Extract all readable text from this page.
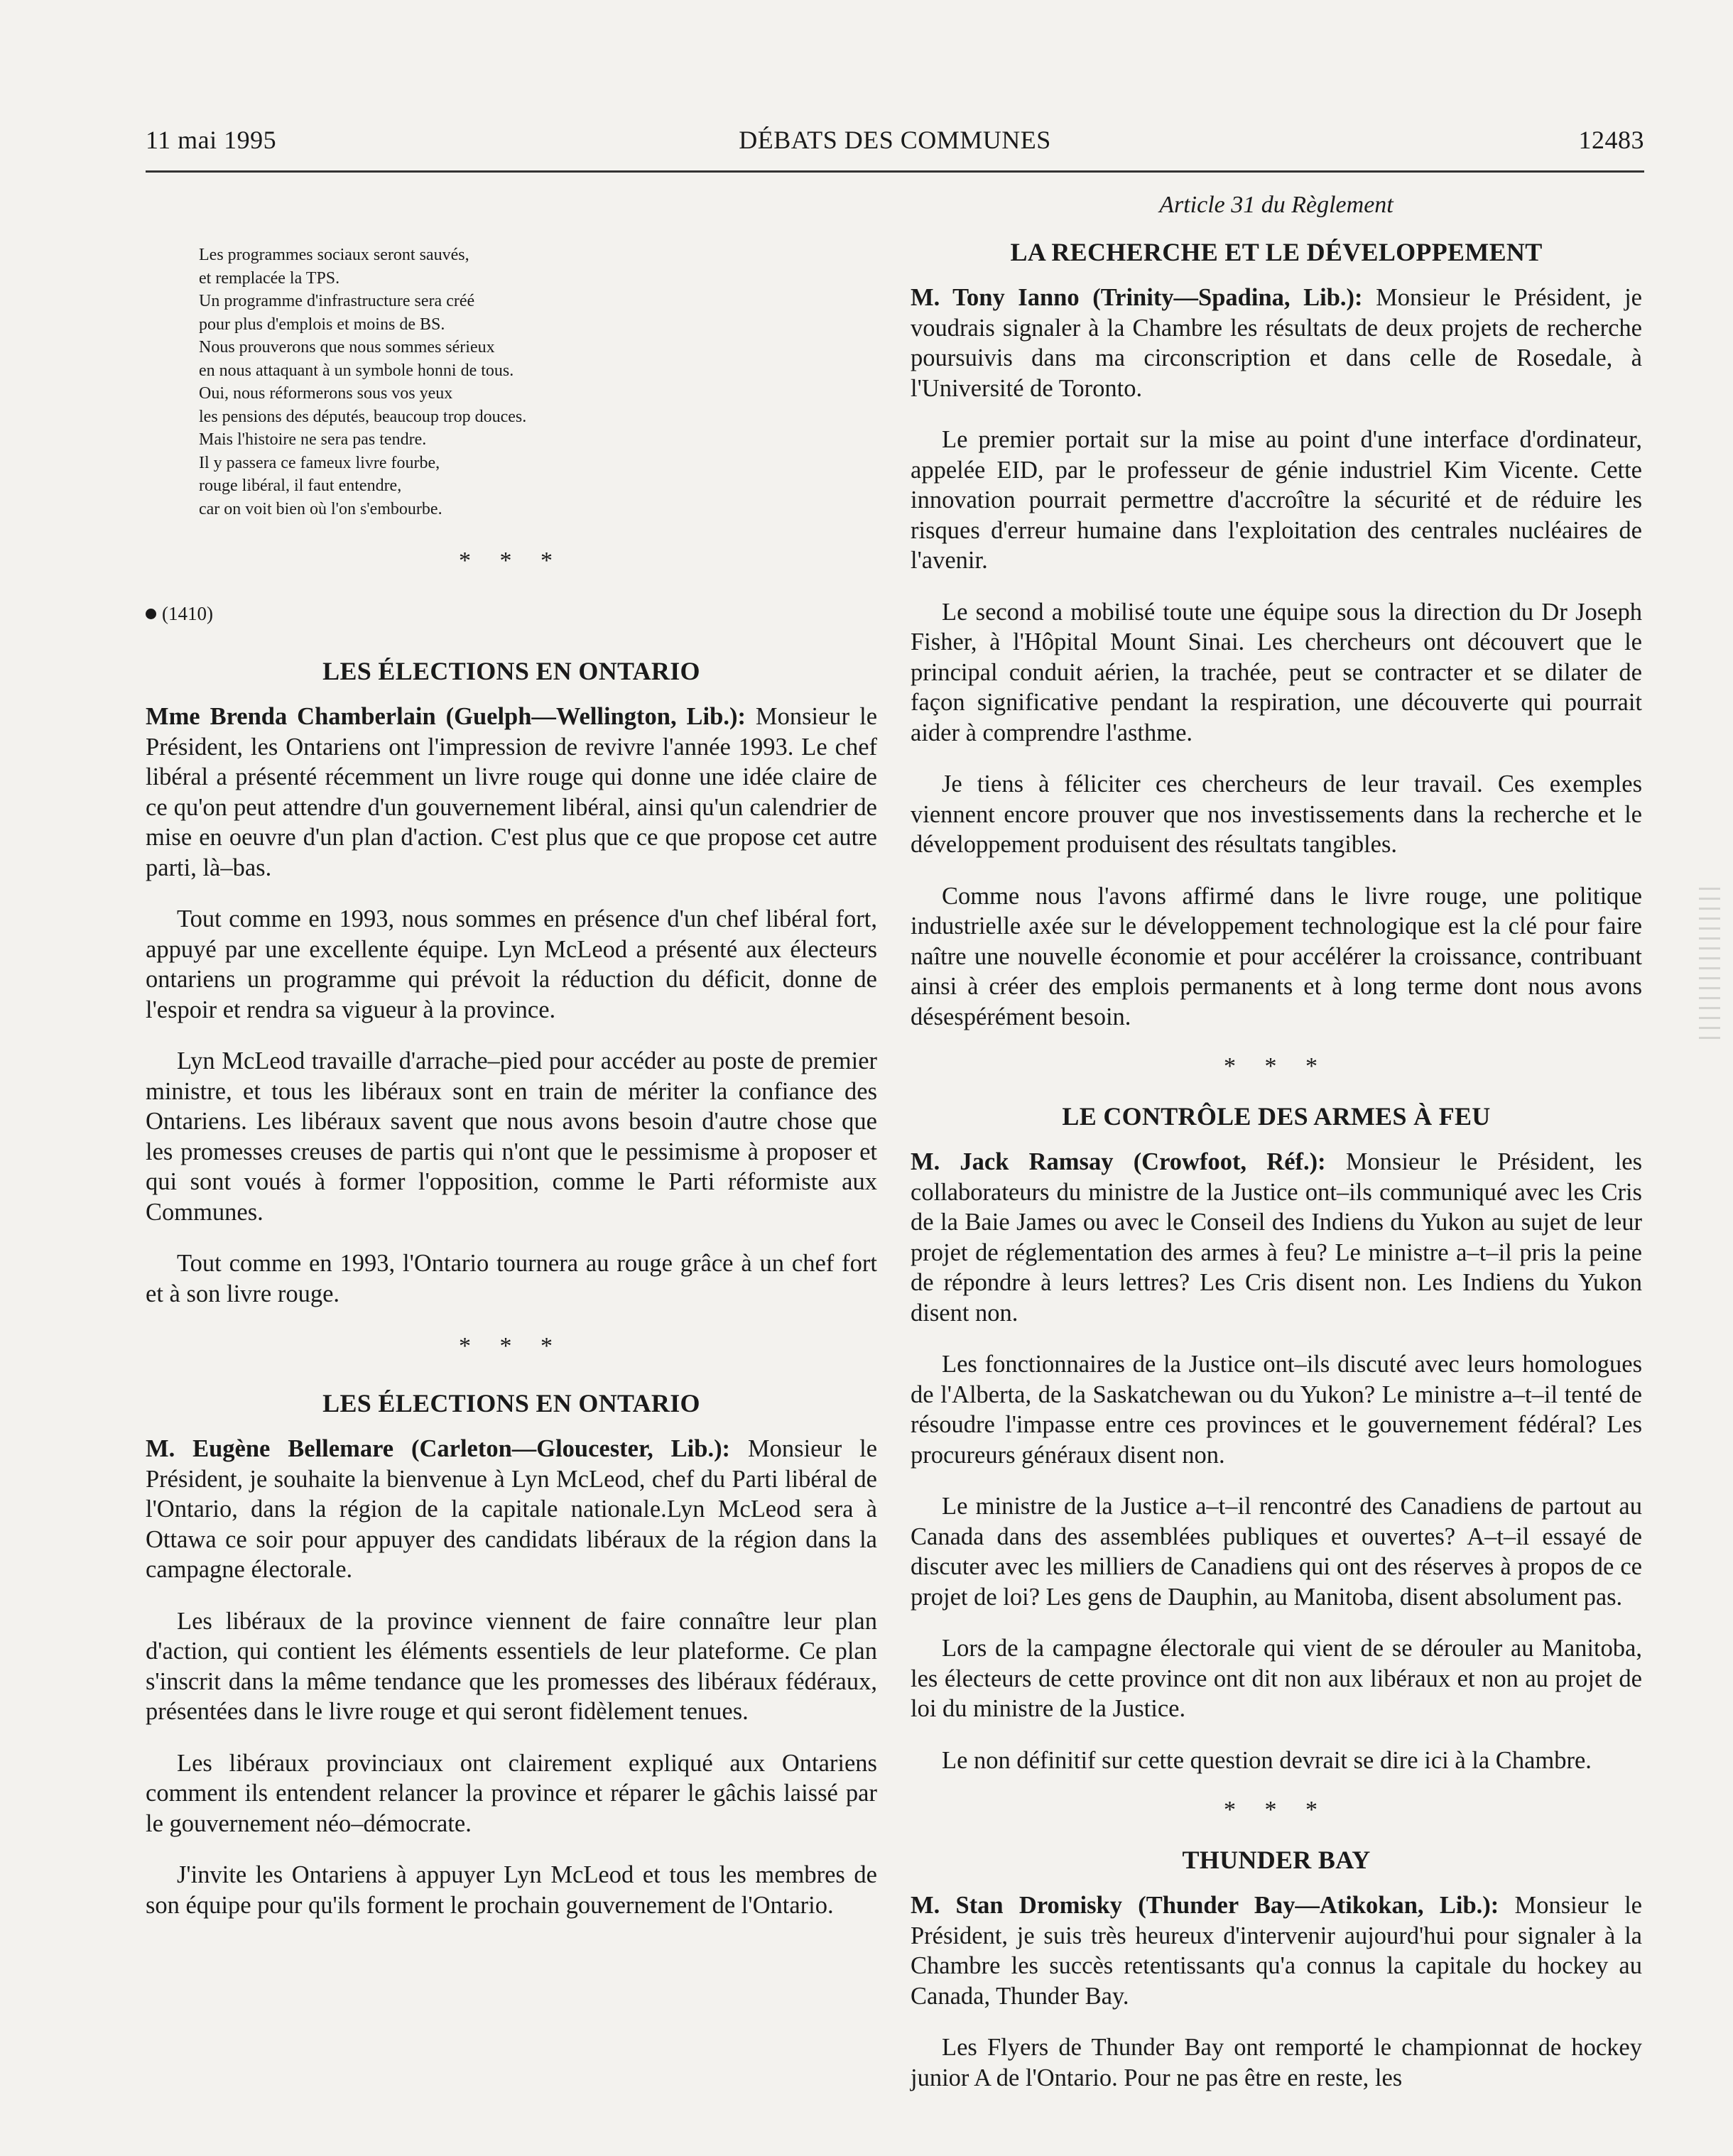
11 mai 1995	DÉBATS DES COMMUNES	12483
Les programmes sociaux seront sauvés,
et remplacée la TPS.
Un programme d'infrastructure sera créé
pour plus d'emplois et moins de BS.
Nous prouverons que nous sommes sérieux
en nous attaquant à un symbole honni de tous.
Oui, nous réformerons sous vos yeux
les pensions des députés, beaucoup trop douces.
Mais l'histoire ne sera pas tendre.
Il y passera ce fameux livre fourbe,
rouge libéral, il faut entendre,
car on voit bien où l'on s'embourbe.

* * *

(1410)

LES ÉLECTIONS EN ONTARIO

Mme Brenda Chamberlain (Guelph—Wellington, Lib.): Monsieur le Président, les Ontariens ont l'impression de revivre l'année 1993. Le chef libéral a présenté récemment un livre rouge qui donne une idée claire de ce qu'on peut attendre d'un gouvernement libéral, ainsi qu'un calendrier de mise en oeuvre d'un plan d'action. C'est plus que ce que propose cet autre parti, là–bas.

Tout comme en 1993, nous sommes en présence d'un chef libéral fort, appuyé par une excellente équipe. Lyn McLeod a présenté aux électeurs ontariens un programme qui prévoit la réduction du déficit, donne de l'espoir et rendra sa vigueur à la province.

Lyn McLeod travaille d'arrache–pied pour accéder au poste de premier ministre, et tous les libéraux sont en train de mériter la confiance des Ontariens. Les libéraux savent que nous avons besoin d'autre chose que les promesses creuses de partis qui n'ont que le pessimisme à proposer et qui sont voués à former l'opposition, comme le Parti réformiste aux Communes.

Tout comme en 1993, l'Ontario tournera au rouge grâce à un chef fort et à son livre rouge.

* * *

LES ÉLECTIONS EN ONTARIO

M. Eugène Bellemare (Carleton—Gloucester, Lib.): Monsieur le Président, je souhaite la bienvenue à Lyn McLeod, chef du Parti libéral de l'Ontario, dans la région de la capitale nationale.Lyn McLeod sera à Ottawa ce soir pour appuyer des candidats libéraux de la région dans la campagne électorale.

Les libéraux de la province viennent de faire connaître leur plan d'action, qui contient les éléments essentiels de leur plateforme. Ce plan s'inscrit dans la même tendance que les promesses des libéraux fédéraux, présentées dans le livre rouge et qui seront fidèlement tenues.

Les libéraux provinciaux ont clairement expliqué aux Ontariens comment ils entendent relancer la province et réparer le gâchis laissé par le gouvernement néo–démocrate.

J'invite les Ontariens à appuyer Lyn McLeod et tous les membres de son équipe pour qu'ils forment le prochain gouvernement de l'Ontario.

Article 31 du Règlement

LA RECHERCHE ET LE DÉVELOPPEMENT

M. Tony Ianno (Trinity—Spadina, Lib.): Monsieur le Président, je voudrais signaler à la Chambre les résultats de deux projets de recherche poursuivis dans ma circonscription et dans celle de Rosedale, à l'Université de Toronto.

Le premier portait sur la mise au point d'une interface d'ordinateur, appelée EID, par le professeur de génie industriel Kim Vicente. Cette innovation pourrait permettre d'accroître la sécurité et de réduire les risques d'erreur humaine dans l'exploitation des centrales nucléaires de l'avenir.

Le second a mobilisé toute une équipe sous la direction du Dr Joseph Fisher, à l'Hôpital Mount Sinai. Les chercheurs ont découvert que le principal conduit aérien, la trachée, peut se contracter et se dilater de façon significative pendant la respiration, une découverte qui pourrait aider à comprendre l'asthme.

Je tiens à féliciter ces chercheurs de leur travail. Ces exemples viennent encore prouver que nos investissements dans la recherche et le développement produisent des résultats tangibles.

Comme nous l'avons affirmé dans le livre rouge, une politique industrielle axée sur le développement technologique est la clé pour faire naître une nouvelle économie et pour accélérer la croissance, contribuant ainsi à créer des emplois permanents et à long terme dont nous avons désespérément besoin.

* * *

LE CONTRÔLE DES ARMES À FEU

M. Jack Ramsay (Crowfoot, Réf.): Monsieur le Président, les collaborateurs du ministre de la Justice ont–ils communiqué avec les Cris de la Baie James ou avec le Conseil des Indiens du Yukon au sujet de leur projet de réglementation des armes à feu? Le ministre a–t–il pris la peine de répondre à leurs lettres? Les Cris disent non. Les Indiens du Yukon disent non.

Les fonctionnaires de la Justice ont–ils discuté avec leurs homologues de l'Alberta, de la Saskatchewan ou du Yukon? Le ministre a–t–il tenté de résoudre l'impasse entre ces provinces et le gouvernement fédéral? Les procureurs généraux disent non.

Le ministre de la Justice a–t–il rencontré des Canadiens de partout au Canada dans des assemblées publiques et ouvertes? A–t–il essayé de discuter avec les milliers de Canadiens qui ont des réserves à propos de ce projet de loi? Les gens de Dauphin, au Manitoba, disent absolument pas.

Lors de la campagne électorale qui vient de se dérouler au Manitoba, les électeurs de cette province ont dit non aux libéraux et non au projet de loi du ministre de la Justice.

Le non définitif sur cette question devrait se dire ici à la Chambre.

* * *

THUNDER BAY

M. Stan Dromisky (Thunder Bay—Atikokan, Lib.): Monsieur le Président, je suis très heureux d'intervenir aujourd'hui pour signaler à la Chambre les succès retentissants qu'a connus la capitale du hockey au Canada, Thunder Bay.

Les Flyers de Thunder Bay ont remporté le championnat de hockey junior A de l'Ontario. Pour ne pas être en reste, les
